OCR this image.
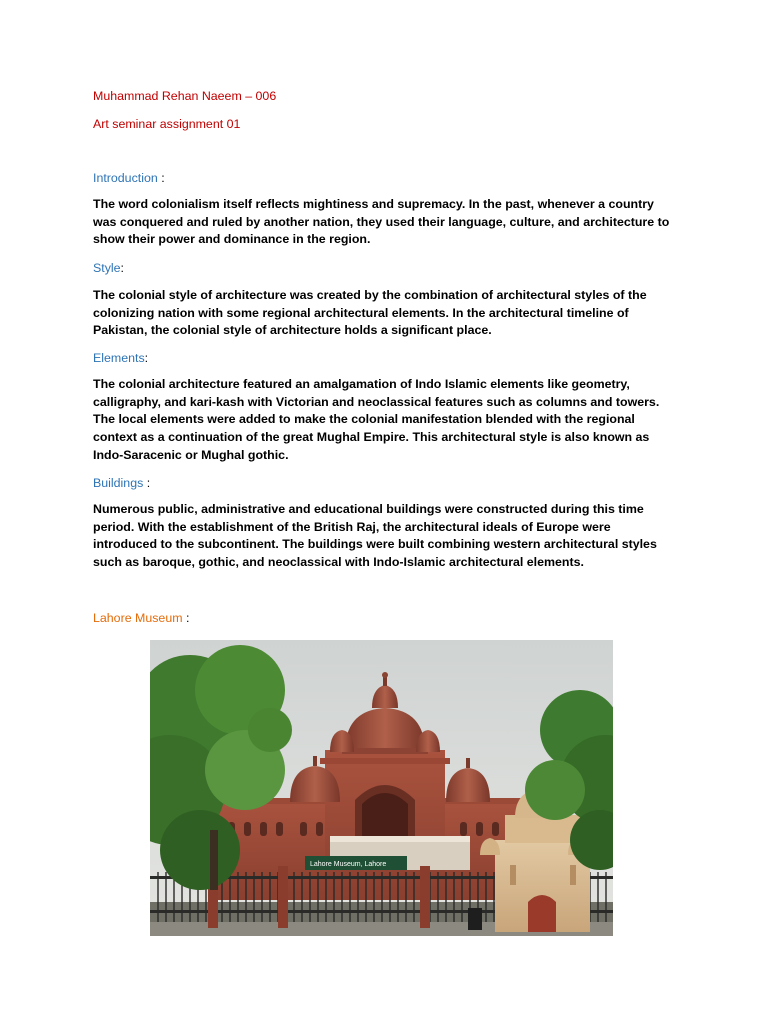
Muhammad Rehan Naeem – 006

Art seminar assignment 01

Introduction :

The word colonialism itself reflects mightiness and supremacy. In the past, whenever a country was conquered and ruled by another nation, they used their language, culture, and architecture to show their power and dominance in the region.

Style:

The colonial style of architecture was created by the combination of architectural styles of the colonizing nation with some regional architectural elements. In the architectural timeline of Pakistan, the colonial style of architecture holds a significant place.

Elements:

The colonial architecture featured an amalgamation of Indo Islamic elements like geometry, calligraphy, and kari-kash with Victorian and neoclassical features such as columns and towers. The local elements were added to make the colonial manifestation blended with the regional context as a continuation of the great Mughal Empire. This architectural style is also known as Indo-Saracenic or Mughal gothic.

Buildings :

Numerous public, administrative and educational buildings were constructed during this time period. With the establishment of the British Raj, the architectural ideals of Europe were introduced to the subcontinent. The buildings were built combining western architectural styles such as baroque, gothic, and neoclassical with Indo-Islamic architectural elements.

Lahore Museum :

Lahore Museum, Lahore
